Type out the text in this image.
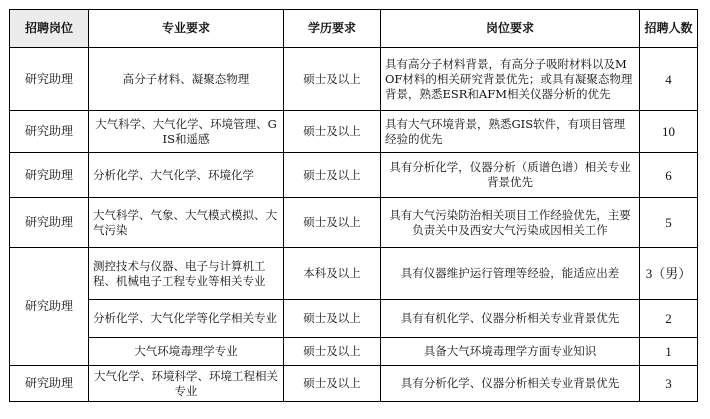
招聘岗位	专业要求	学历要求	岗位要求	招聘人数
研究助理	高分子材料、凝聚态物理	硕士及以上	具有高分子材料背景，有高分子吸附材料以及MOF材料的相关研究背景优先；或具有凝聚态物理背景，熟悉ESR和AFM相关仪器分析的优先	4
研究助理	大气科学、大气化学、环境管理、GIS和遥感	硕士及以上	具有大气环境背景，熟悉GIS软件，有项目管理经验的优先	10
研究助理	分析化学、大气化学、环境化学	硕士及以上	具有分析化学，仪器分析（质谱色谱）相关专业背景优先	6
研究助理	大气科学、气象、大气模式模拟、大气污染	硕士及以上	具有大气污染防治相关项目工作经验优先，主要负责关中及西安大气污染成因相关工作	5
研究助理	测控技术与仪器、电子与计算机工程、机械电子工程专业等相关专业	本科及以上	具有仪器维护运行管理等经验，能适应出差	3（男）
	分析化学、大气化学等化学相关专业	硕士及以上	具有有机化学、仪器分析相关专业背景优先	2
	大气环境毒理学专业	硕士及以上	具备大气环境毒理学方面专业知识	1
研究助理	大气化学、环境科学、环境工程相关专业	硕士及以上	具有分析化学、仪器分析相关专业背景优先	3
